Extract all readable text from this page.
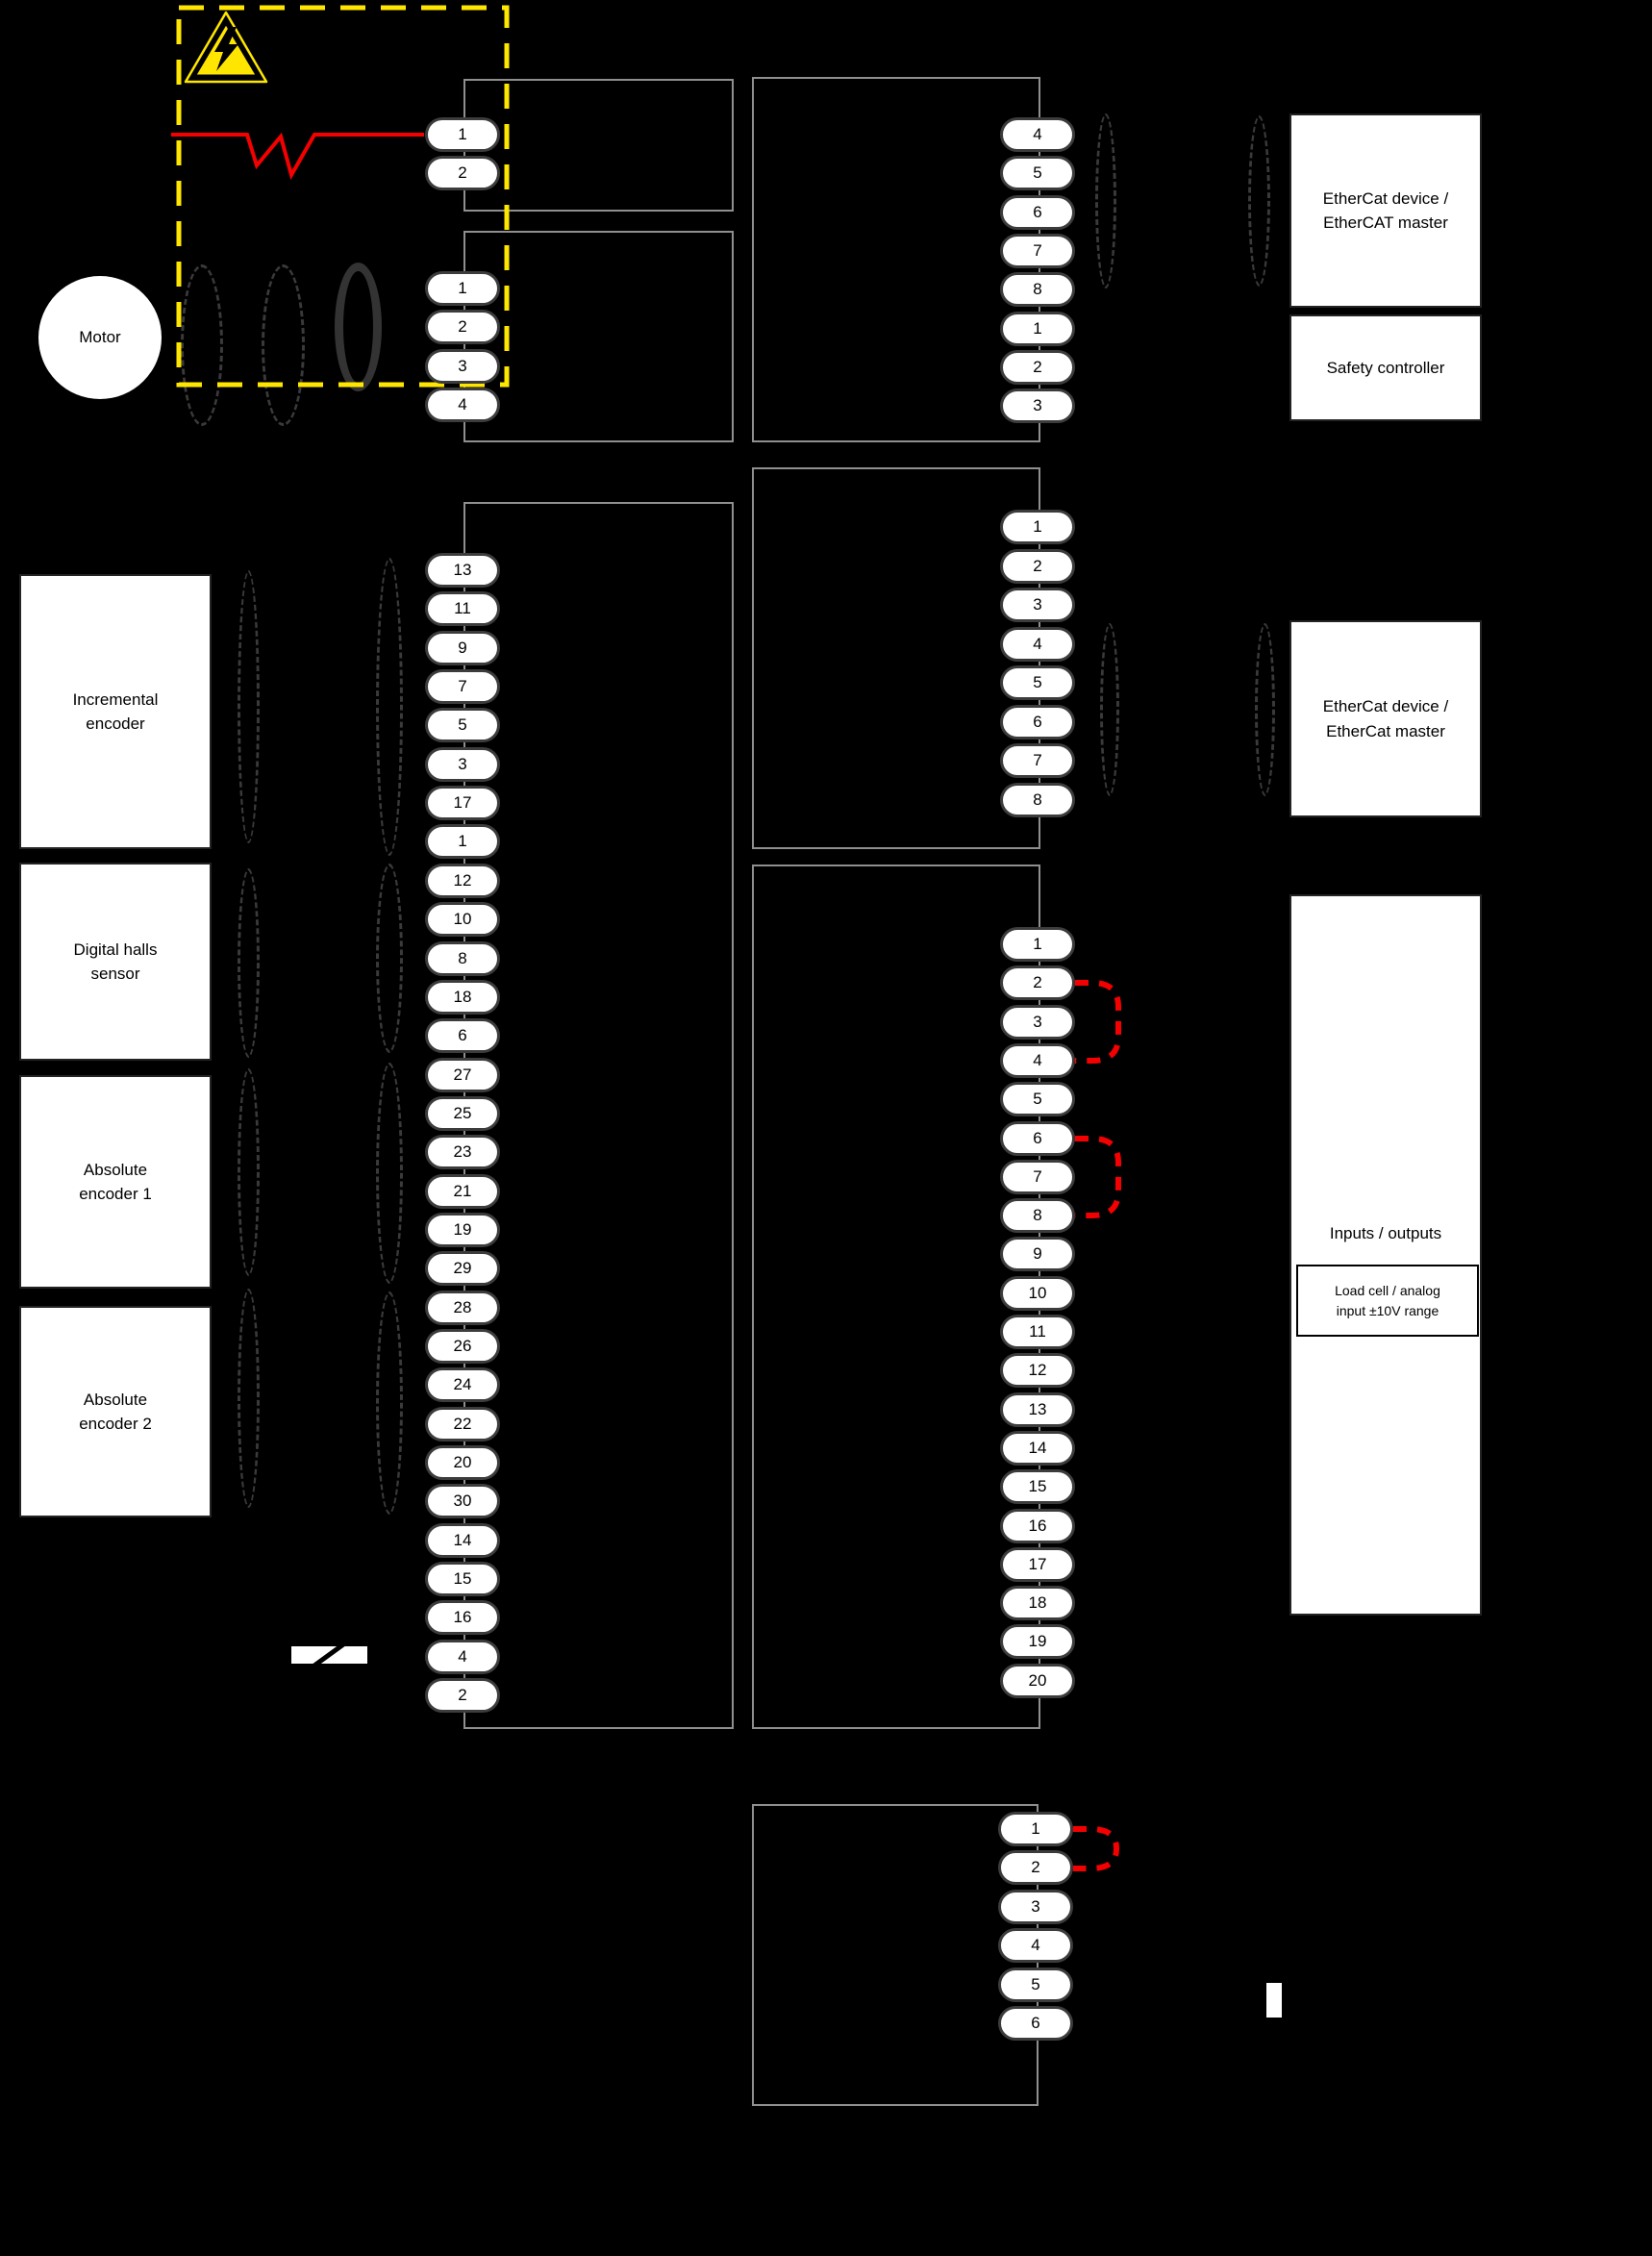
Motor
Incremental
encoder
Digital halls
sensor
Absolute
encoder 1
Absolute
encoder 2
EtherCat device /
EtherCAT master
Safety controller
EtherCat device /
EtherCat master
Inputs / outputs
Load cell / analog
input ±10V range
1
2
1
2
3
4
13
11
9
7
5
3
17
1
12
10
8
18
6
27
25
23
21
19
29
28
26
24
22
20
30
14
15
16
4
2
4
5
6
7
8
1
2
3
1
2
3
4
5
6
7
8
1
2
3
4
5
6
7
8
9
10
11
12
13
14
15
16
17
18
19
20
1
2
3
4
5
6
